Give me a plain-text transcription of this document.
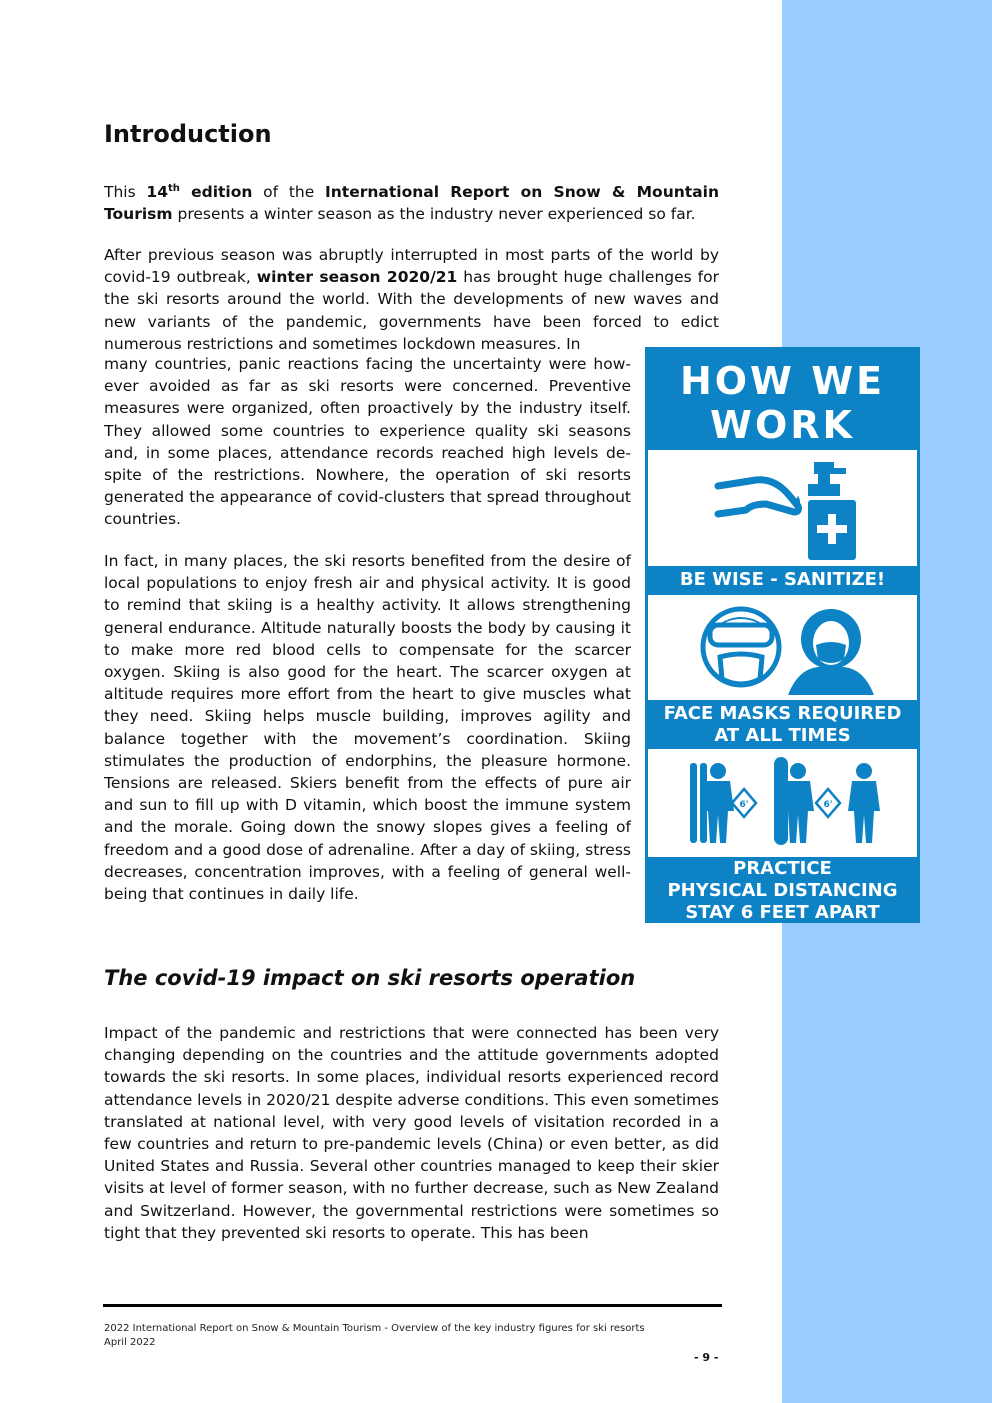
Introduction

This 14th edition of the International Report on Snow & Mountain Tourism presents a winter season as the industry never experienced so far.

After previous season was abruptly interrupted in most parts of the world by covid-19 outbreak, winter season 2020/21 has brought huge challenges for the ski resorts around the world. With the developments of new waves and new variants of the pandemic, governments have been forced to edict numerous restrictions and sometimes lockdown measures. In

many countries, panic reactions facing the uncertainty were however avoided as far as ski resorts were concerned. Preventive measures were organized, often proactively by the industry itself. They allowed some countries to experience quality ski seasons and, in some places, attendance records reached high levels despite of the restrictions. Nowhere, the operation of ski resorts generated the appearance of covid-clusters that spread throughout countries.

In fact, in many places, the ski resorts benefited from the desire of local populations to enjoy fresh air and physical activity. It is good to remind that skiing is a healthy activity. It allows strengthening general endurance. Altitude naturally boosts the body by causing it to make more red blood cells to compensate for the scarcer oxygen. Skiing is also good for the heart. The scarcer oxygen at altitude requires more effort from the heart to give muscles what they need. Skiing helps muscle building, improves agility and balance together with the movement’s coordination. Skiing stimulates the production of endorphins, the pleasure hormone. Tensions are released. Skiers benefit from the effects of pure air and sun to fill up with D vitamin, which boost the immune system and the morale. Going down the snowy slopes gives a feeling of freedom and a good dose of adrenaline. After a day of skiing, stress decreases, concentration improves, with a feeling of general well-being that continues in daily life.

The covid-19 impact on ski resorts operation

Impact of the pandemic and restrictions that were connected has been very changing depending on the countries and the attitude governments adopted towards the ski resorts. In some places, individual resorts experienced record attendance levels in 2020/21 despite adverse conditions. This even sometimes translated at national level, with very good levels of visitation recorded in a few countries and return to pre-pandemic levels (China) or even better, as did United States and Russia. Several other countries managed to keep their skier visits at level of former season, with no further decrease, such as New Zealand and Switzerland. However, the governmental restrictions were sometimes so tight that they prevented ski resorts to operate. This has been

HOW WE
WORK
BE WISE - SANITIZE!
FACE MASKS REQUIRED
AT ALL TIMES
6'	6'
PRACTICE
PHYSICAL DISTANCING
STAY 6 FEET APART

2022 International Report on Snow & Mountain Tourism - Overview of the key industry figures for ski resorts

April 2022

- 9 -
